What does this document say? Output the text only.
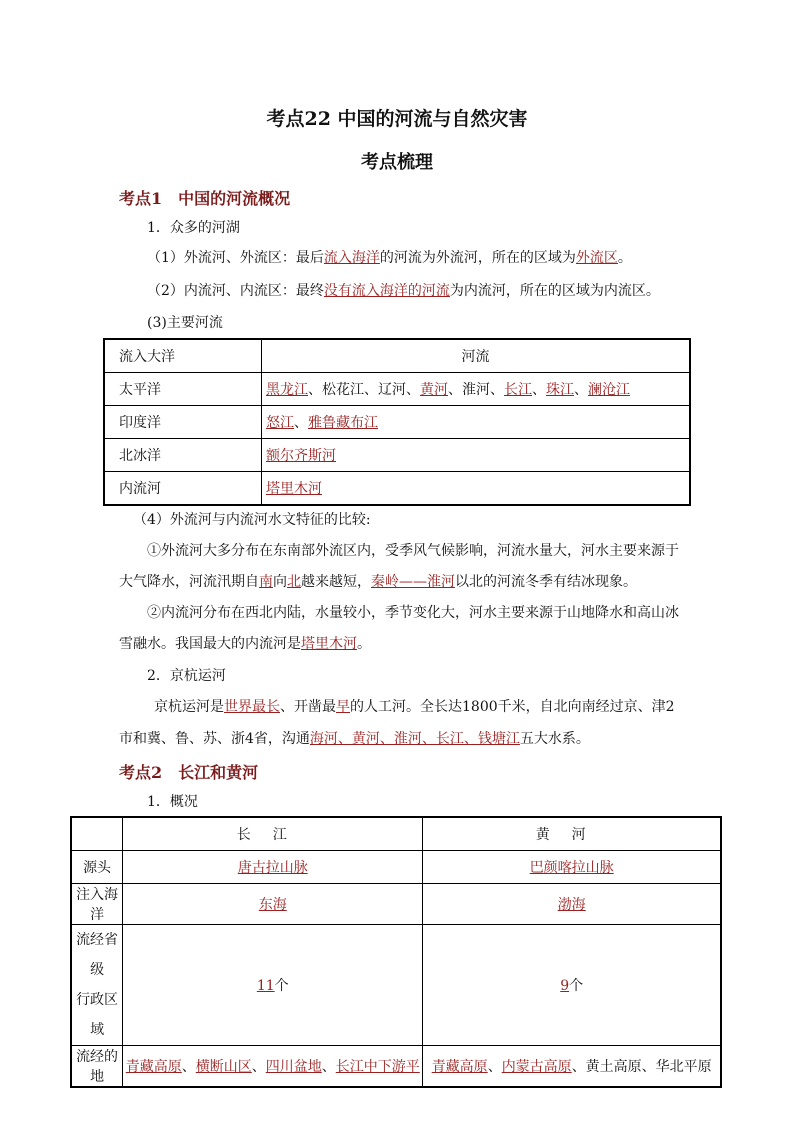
考点22 中国的河流与自然灾害
考点梳理
考点1　中国的河流概况
1．众多的河湖
（1）外流河、外流区：最后流入海洋的河流为外流河，所在的区域为外流区。
（2）内流河、内流区：最终没有流入海洋的河流为内流河，所在的区域为内流区。
(3)主要河流
流入大洋	河流
太平洋	黑龙江、松花江、辽河、黄河、淮河、长江、珠江、澜沧江
印度洋	怒江、雅鲁藏布江
北冰洋	额尔齐斯河
内流河	塔里木河
（4）外流河与内流河水文特征的比较:
①外流河大多分布在东南部外流区内，受季风气候影响，河流水量大，河水主要来源于
大气降水，河流汛期自南向北越来越短，秦岭——淮河以北的河流冬季有结冰现象。
②内流河分布在西北内陆，水量较小，季节变化大，河水主要来源于山地降水和高山冰
雪融水。我国最大的内流河是塔里木河。
2．京杭运河
京杭运河是世界最长、开凿最早的人工河。全长达1800千米，自北向南经过京、津2
市和冀、鲁、苏、浙4省，沟通海河、黄河、淮河、长江、钱塘江五大水系。
考点2　长江和黄河
1．概况
	长江	黄河
源头	唐古拉山脉	巴颜喀拉山脉
注入海洋	东海	渤海

流经省级
行政区域	11个	9个
流经的地	青藏高原、横断山区、四川盆地、长江中下游平	青藏高原、内蒙古高原、黄土高原、华北平原
